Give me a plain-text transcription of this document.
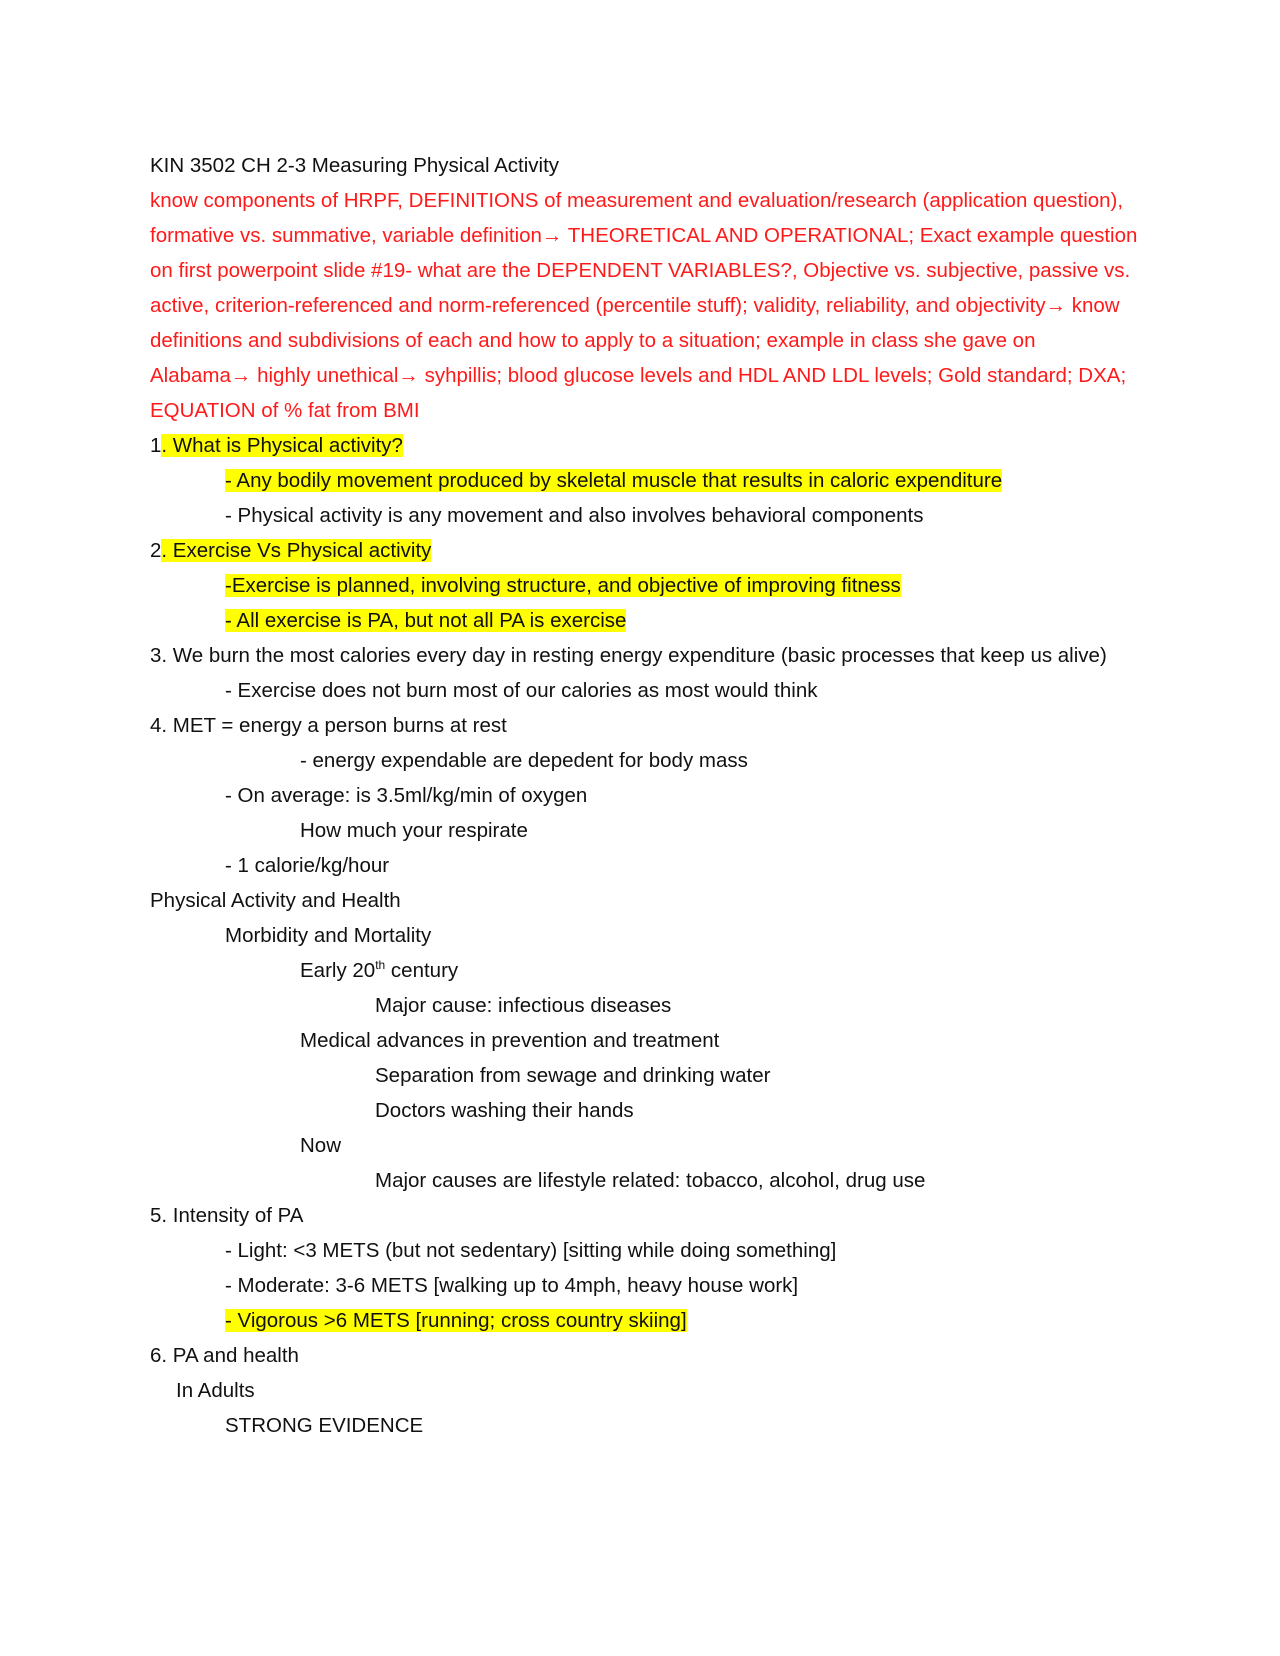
KIN 3502 CH 2-3 Measuring Physical Activity
know components of HRPF, DEFINITIONS of measurement and evaluation/research (application question), formative vs. summative, variable definition→ THEORETICAL AND OPERATIONAL; Exact example question on first powerpoint slide #19- what are the DEPENDENT VARIABLES?, Objective vs. subjective, passive vs. active, criterion-referenced and norm-referenced (percentile stuff); validity, reliability, and objectivity→ know definitions and subdivisions of each and how to apply to a situation; example in class she gave on Alabama→ highly unethical→ syhpillis; blood glucose levels and HDL AND LDL levels; Gold standard; DXA; EQUATION of % fat from BMI
1. What is Physical activity?
- Any bodily movement produced by skeletal muscle that results in caloric expenditure
- Physical activity is any movement and also involves behavioral components
2. Exercise Vs Physical activity
-Exercise is planned, involving structure, and objective of improving fitness
- All exercise is PA, but not all PA is exercise
3. We burn the most calories every day in resting energy expenditure (basic processes that keep us alive)
- Exercise does not burn most of our calories as most would think
4. MET = energy a person burns at rest
- energy expendable are depedent for body mass
- On average: is 3.5ml/kg/min of oxygen
How much your respirate
- 1 calorie/kg/hour
Physical Activity and Health
Morbidity and Mortality
Early 20th century
Major cause: infectious diseases
Medical advances in prevention and treatment
Separation from sewage and drinking water
Doctors washing their hands
Now
Major causes are lifestyle related: tobacco, alcohol, drug use
5. Intensity of PA
- Light: <3 METS (but not sedentary) [sitting while doing something]
- Moderate: 3-6 METS [walking up to 4mph, heavy house work]
- Vigorous >6 METS [running; cross country skiing]
6. PA and health
In Adults
STRONG EVIDENCE
